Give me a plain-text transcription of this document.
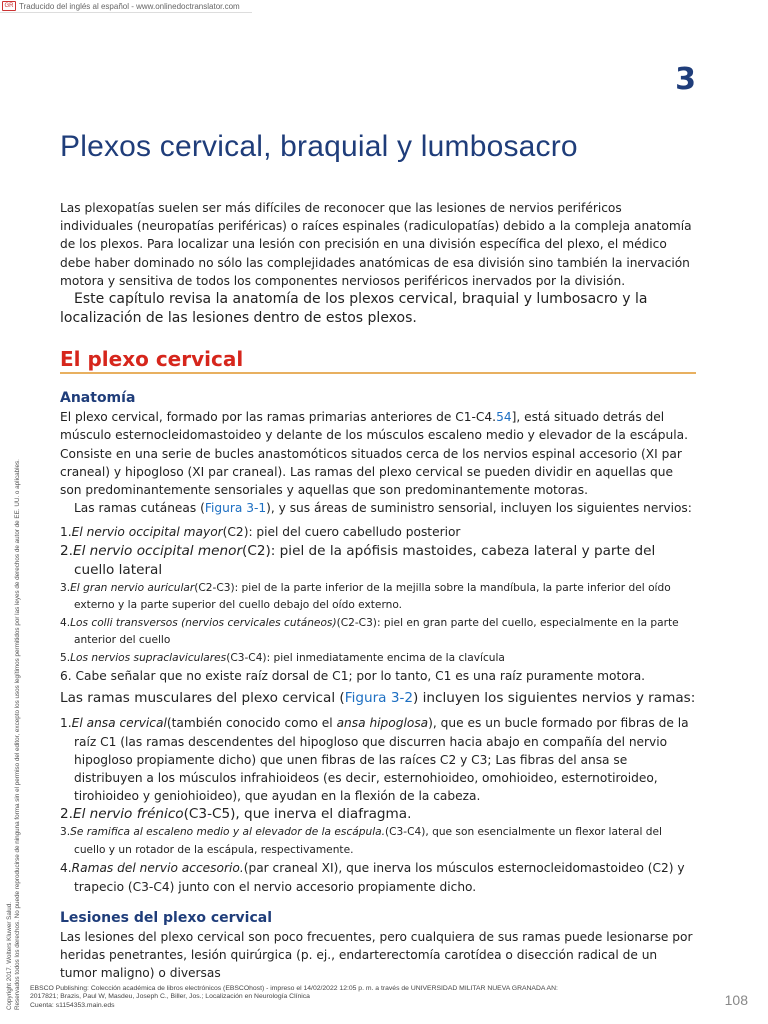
GR Traducido del inglés al español - www.onlinedoctranslator.com
3
Plexos cervical, braquial y lumbosacro
Copyright 2017. Wolters Kluwer Salud. Reservados todos los derechos. No puede reproducirse de ninguna forma sin el permiso del editor, excepto los usos legítimos permitidos por las leyes de derechos de autor de EE. UU. o aplicables.

Las plexopatías suelen ser más difíciles de reconocer que las lesiones de nervios periféricos individuales (neuropatías periféricas) o raíces espinales (radiculopatías) debido a la compleja anatomía de los plexos. Para localizar una lesión con precisión en una división específica del plexo, el médico debe haber dominado no sólo las complejidades anatómicas de esa división sino también la inervación motora y sensitiva de todos los componentes nerviosos periféricos inervados por la división.

Este capítulo revisa la anatomía de los plexos cervical, braquial y lumbosacro y la localización de las lesiones dentro de estos plexos.

El plexo cervical
Anatomía

El plexo cervical, formado por las ramas primarias anteriores de C1-C4.54], está situado detrás del músculo esternocleidomastoideo y delante de los músculos escaleno medio y elevador de la escápula. Consiste en una serie de bucles anastomóticos situados cerca de los nervios espinal accesorio (XI par craneal) y hipogloso (XI par craneal). Las ramas del plexo cervical se pueden dividir en aquellas que son predominantemente sensoriales y aquellas que son predominantemente motoras.

Las ramas cutáneas (Figura 3-1), y sus áreas de suministro sensorial, incluyen los siguientes nervios:

1.El nervio occipital mayor(C2): piel del cuero cabelludo posterior
2.El nervio occipital menor(C2): piel de la apófisis mastoides, cabeza lateral y parte del cuello lateral
3.El gran nervio auricular(C2-C3): piel de la parte inferior de la mejilla sobre la mandíbula, la parte inferior del oído externo y la parte superior del cuello debajo del oído externo.
4.Los colli transversos (nervios cervicales cutáneos)(C2-C3): piel en gran parte del cuello, especialmente en la parte anterior del cuello
5.Los nervios supraclaviculares(C3-C4): piel inmediatamente encima de la clavícula
6. Cabe señalar que no existe raíz dorsal de C1; por lo tanto, C1 es una raíz puramente motora.

Las ramas musculares del plexo cervical (Figura 3-2) incluyen los siguientes nervios y ramas:

1.El ansa cervical(también conocido como el ansa hipoglosa), que es un bucle formado por fibras de la raíz C1 (las ramas descendentes del hipogloso que discurren hacia abajo en compañía del nervio hipogloso propiamente dicho) que unen fibras de las raíces C2 y C3; Las fibras del ansa se distribuyen a los músculos infrahioideos (es decir, esternohioideo, omohioideo, esternotiroideo, tirohioideo y geniohioideo), que ayudan en la flexión de la cabeza.
2.El nervio frénico(C3-C5), que inerva el diafragma.
3.Se ramifica al escaleno medio y al elevador de la escápula.(C3-C4), que son esencialmente un flexor lateral del cuello y un rotador de la escápula, respectivamente.
4.Ramas del nervio accesorio.(par craneal XI), que inerva los músculos esternocleidomastoideo (C2) y trapecio (C3-C4) junto con el nervio accesorio propiamente dicho.
Lesiones del plexo cervical

Las lesiones del plexo cervical son poco frecuentes, pero cualquiera de sus ramas puede lesionarse por heridas penetrantes, lesión quirúrgica (p. ej., endarterectomía carotídea o disección radical de un tumor maligno) o diversas

EBSCO Publishing: Colección académica de libros electrónicos (EBSCOhost) - impreso el 14/02/2022 12:05 p. m. a través de UNIVERSIDAD MILITAR NUEVA GRANADA AN:
2017821; Brazis, Paul W, Masdeu, Joseph C., Biller, Jos.; Localización en Neurología Clínica
Cuenta: s1154353.main.eds	108
